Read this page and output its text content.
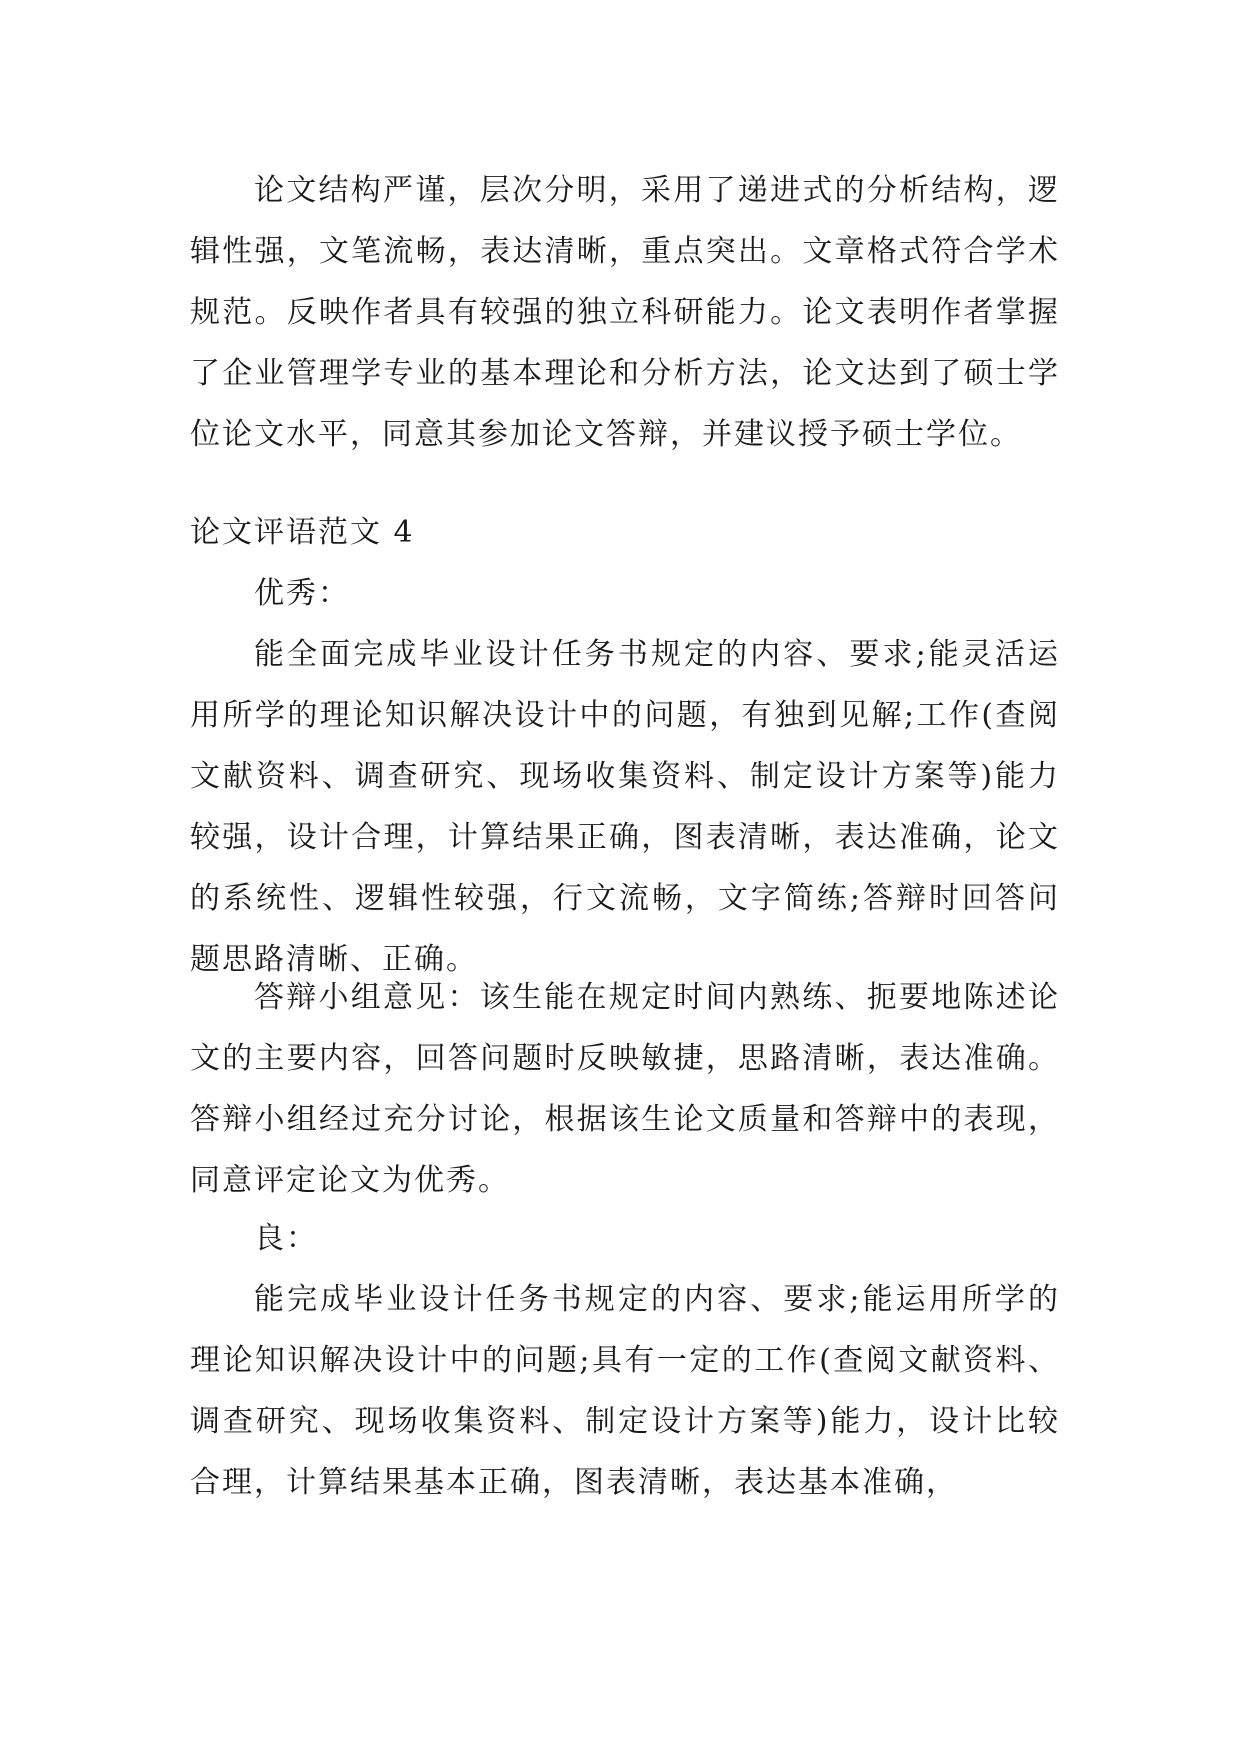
论文结构严谨，层次分明，采用了递进式的分析结构，逻辑性强，文笔流畅，表达清晰，重点突出。文章格式符合学术规范。反映作者具有较强的独立科研能力。论文表明作者掌握了企业管理学专业的基本理论和分析方法，论文达到了硕士学位论文水平，同意其参加论文答辩，并建议授予硕士学位。

论文评语范文 4

优秀：

能全面完成毕业设计任务书规定的内容、要求;能灵活运用所学的理论知识解决设计中的问题，有独到见解;工作(查阅文献资料、调查研究、现场收集资料、制定设计方案等)能力较强，设计合理，计算结果正确，图表清晰，表达准确，论文的系统性、逻辑性较强，行文流畅，文字简练;答辩时回答问题思路清晰、正确。

答辩小组意见：该生能在规定时间内熟练、扼要地陈述论文的主要内容，回答问题时反映敏捷，思路清晰，表达准确。答辩小组经过充分讨论，根据该生论文质量和答辩中的表现，同意评定论文为优秀。

良：

能完成毕业设计任务书规定的内容、要求;能运用所学的理论知识解决设计中的问题;具有一定的工作(查阅文献资料、调查研究、现场收集资料、制定设计方案等)能力，设计比较合理，计算结果基本正确，图表清晰，表达基本准确，
